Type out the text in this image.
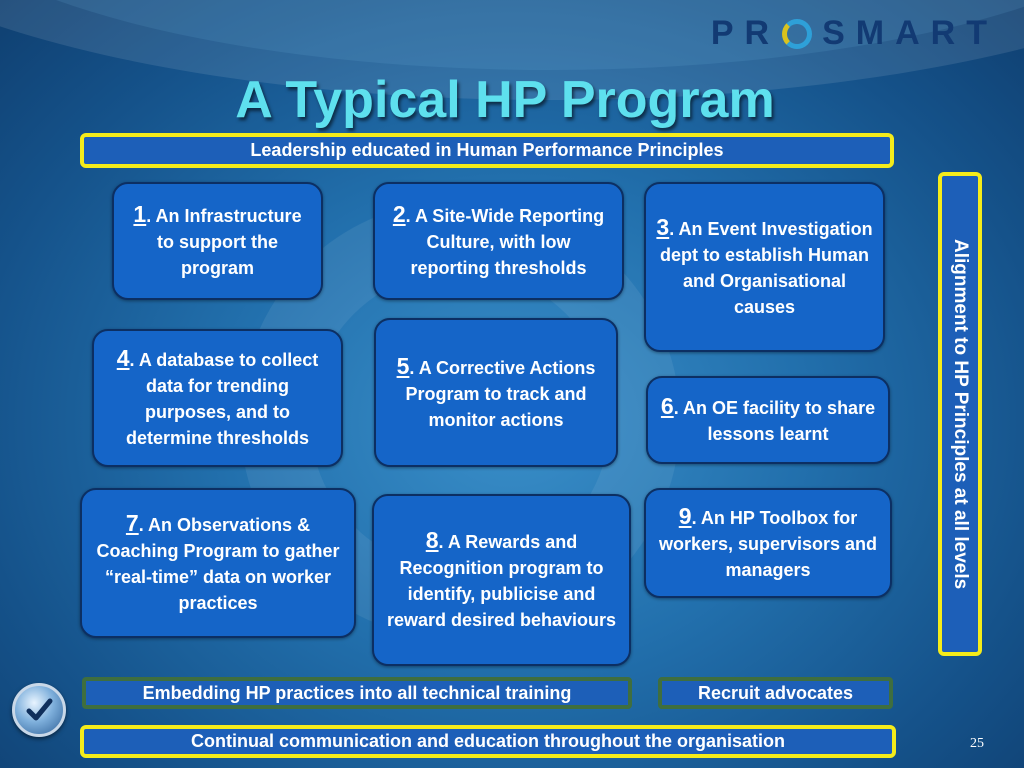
PR SMART
A Typical HP Program
Leadership educated in Human Performance Principles
1. An Infrastructure to support the program
2. A Site-Wide Reporting Culture, with low reporting thresholds
3. An Event Investigation dept to establish Human and Organisational causes
4. A database to collect data for trending purposes, and to determine thresholds
5. A Corrective Actions Program to track and monitor actions
6. An OE facility to share lessons learnt
7. An Observations & Coaching Program to gather “real-time” data on worker practices
8. A Rewards and Recognition program to identify, publicise and reward desired behaviours
9. An HP Toolbox for workers, supervisors and managers	Alignment to HP Principles at all levels
Embedding HP practices into all technical training	Recruit advocates
Continual communication and education throughout the organisation	25
